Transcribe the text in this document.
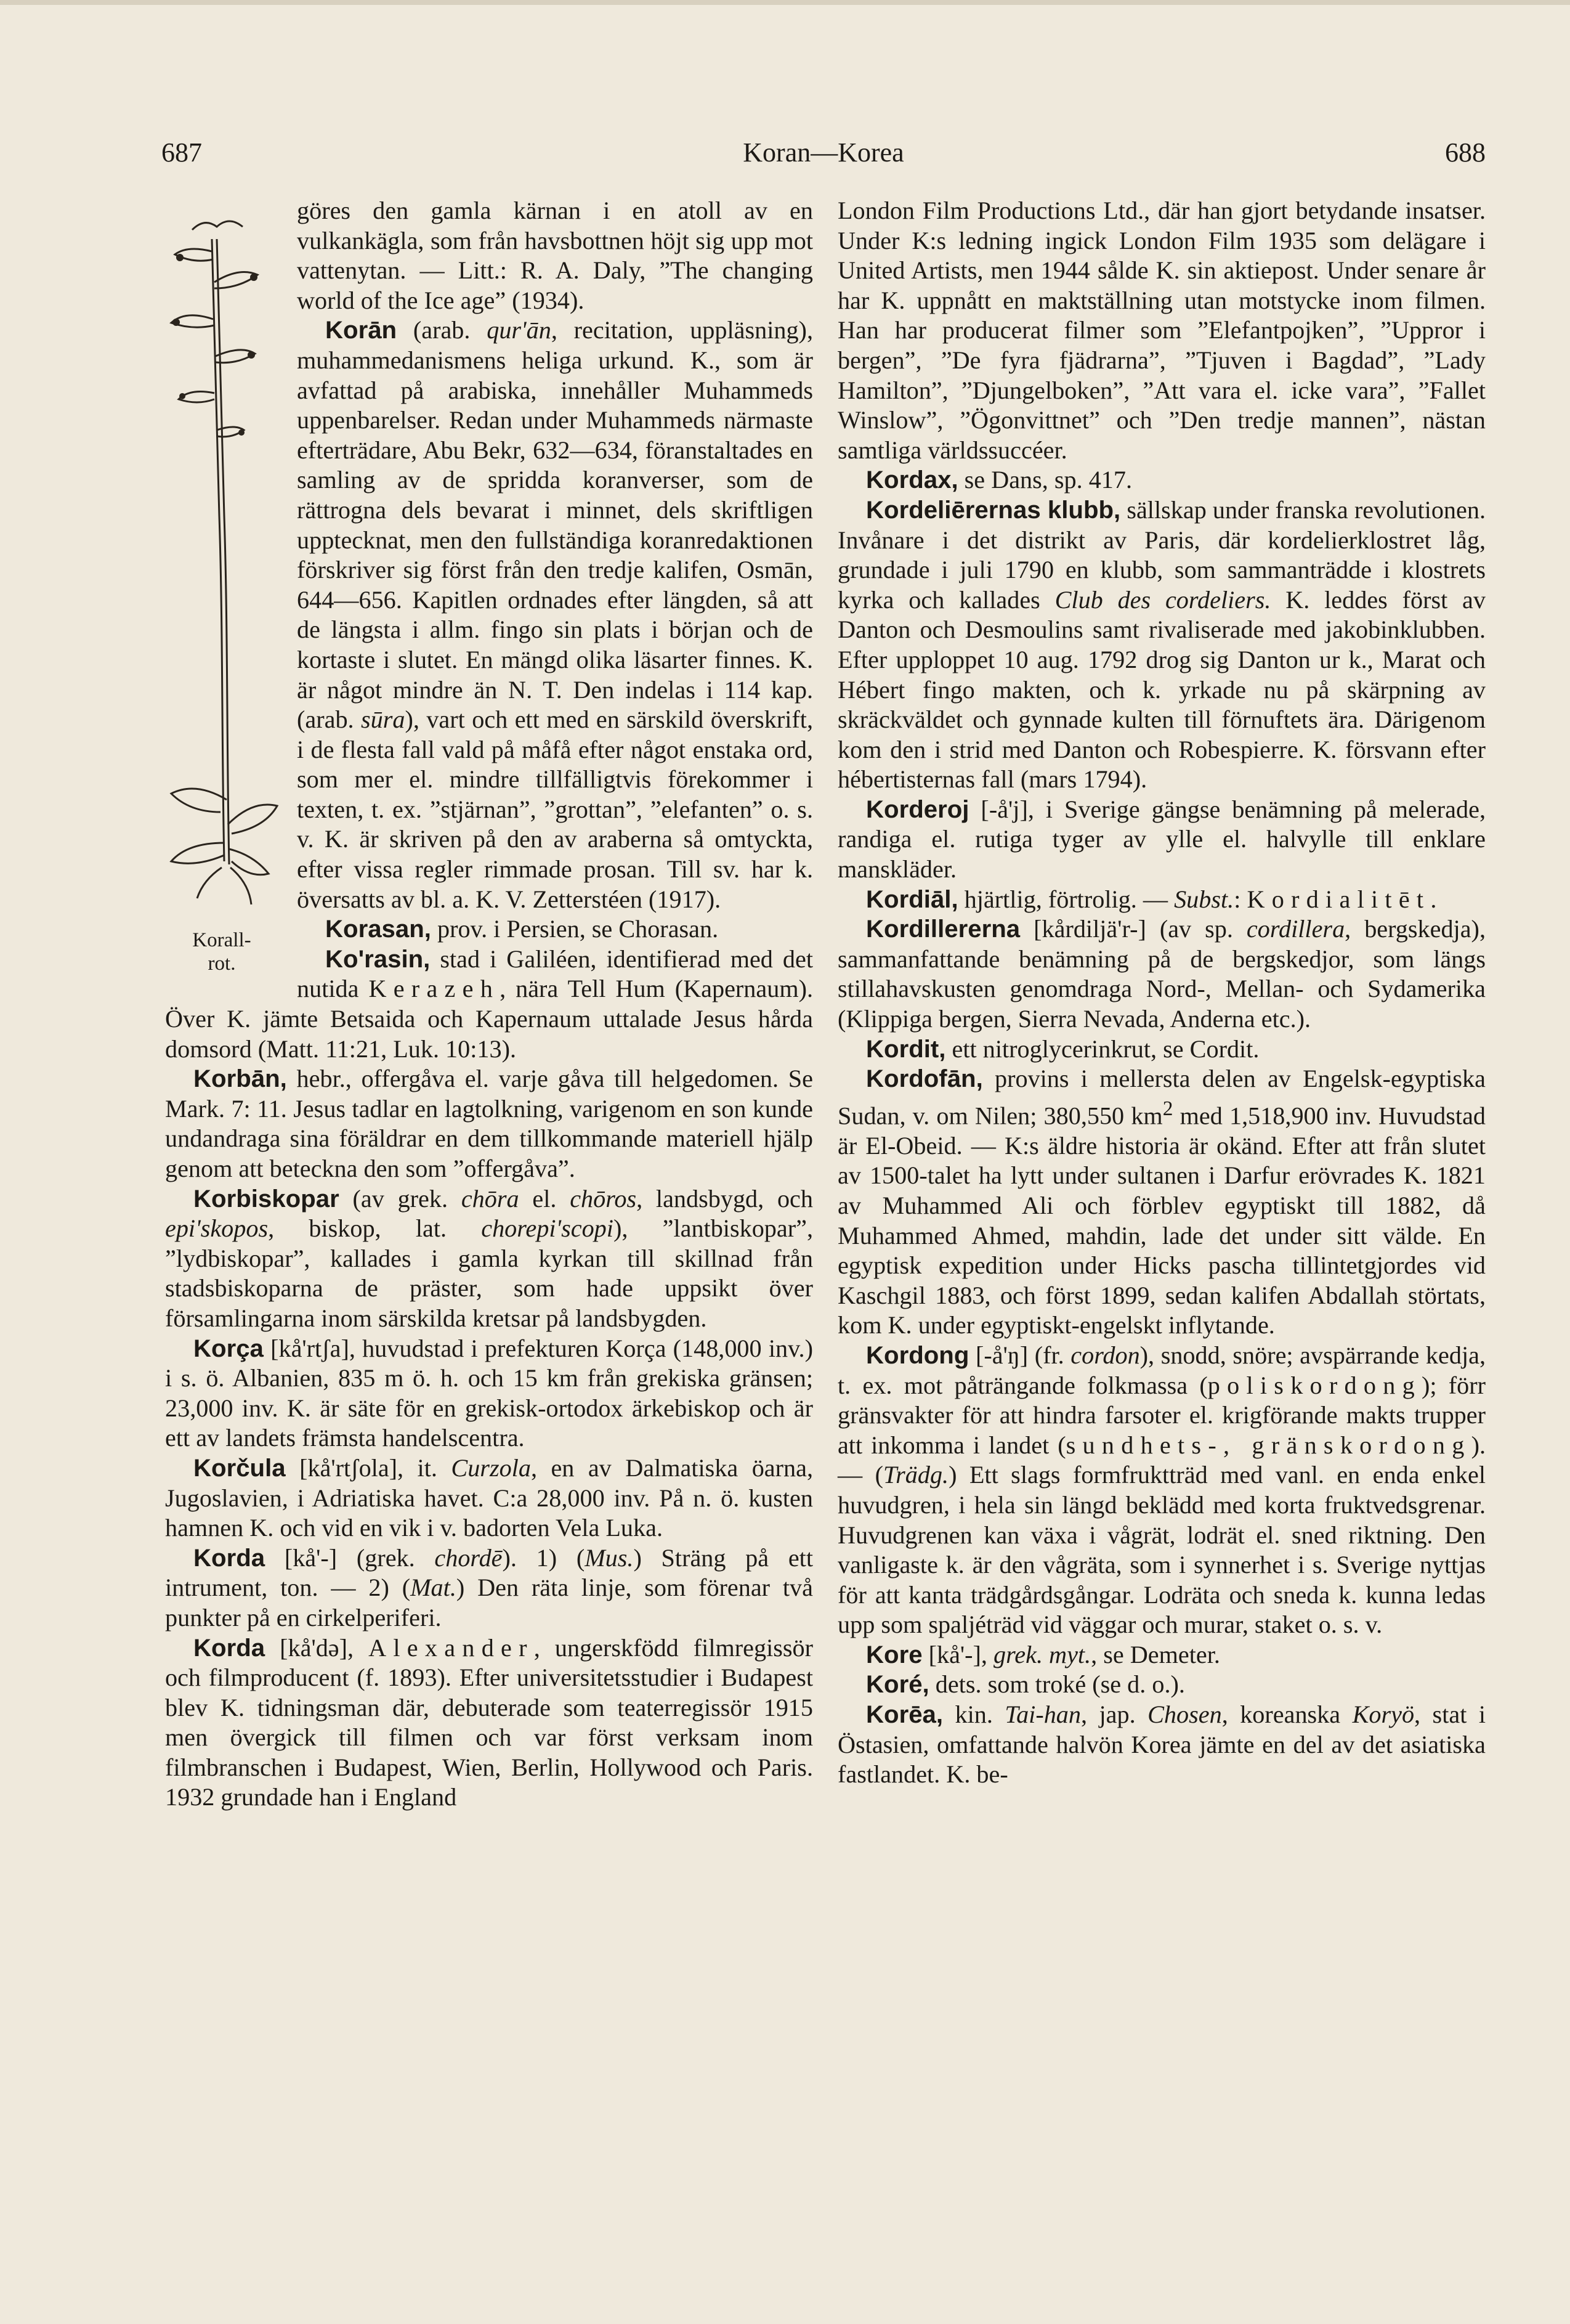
687	Koran—Korea	688
Korall-
rot.

göres den gamla kärnan i en atoll av en vulkankägla, som från havsbottnen höjt sig upp mot vattenytan. — Litt.: R. A. Daly, ”The changing world of the Ice age” (1934).

Korān (arab. qur'ān, recitation, uppläsning), muhammedanismens heliga urkund. K., som är avfattad på arabiska, innehåller Muhammeds uppenbarelser. Redan under Muhammeds närmaste efterträdare, Abu Bekr, 632—634, föranstaltades en samling av de spridda koranverser, som de rättrogna dels bevarat i minnet, dels skriftligen upptecknat, men den fullständiga koranredaktionen förskriver sig först från den tredje kalifen, Osmān, 644—656. Kapitlen ordnades efter längden, så att de längsta i allm. fingo sin plats i början och de kortaste i slutet. En mängd olika läsarter finnes. K. är något mindre än N. T. Den indelas i 114 kap. (arab. sūra), vart och ett med en särskild överskrift, i de flesta fall vald på måfå efter något enstaka ord, som mer el. mindre tillfälligtvis förekommer i texten, t. ex. ”stjärnan”, ”grottan”, ”elefanten” o. s. v. K. är skriven på den av araberna så omtyckta, efter vissa regler rimmade prosan. Till sv. har k. översatts av bl. a. K. V. Zetterstéen (1917).

Korasan, prov. i Persien, se Chorasan.

Ko'rasin, stad i Galiléen, identifierad med det nutida Kerazeh, nära Tell Hum (Kapernaum). Över K. jämte Betsaida och Kapernaum uttalade Jesus hårda domsord (Matt. 11:21, Luk. 10:13).

Korbān, hebr., offergåva el. varje gåva till helgedomen. Se Mark. 7: 11. Jesus tadlar en lagtolkning, varigenom en son kunde undandraga sina föräldrar en dem tillkommande materiell hjälp genom att beteckna den som ”offergåva”.

Korbiskopar (av grek. chōra el. chōros, landsbygd, och epi'skopos, biskop, lat. chorepi'scopi), ”lantbiskopar”, ”lydbiskopar”, kallades i gamla kyrkan till skillnad från stadsbiskoparna de präster, som hade uppsikt över församlingarna inom särskilda kretsar på landsbygden.

Korça [kå'rtʃa], huvudstad i prefekturen Korça (148,000 inv.) i s. ö. Albanien, 835 m ö. h. och 15 km från grekiska gränsen; 23,000 inv. K. är säte för en grekisk-ortodox ärkebiskop och är ett av landets främsta handelscentra.

Korčula [kå'rtʃola], it. Curzola, en av Dalmatiska öarna, Jugoslavien, i Adriatiska havet. C:a 28,000 inv. På n. ö. kusten hamnen K. och vid en vik i v. badorten Vela Luka.

Korda [kå'-] (grek. chordē). 1) (Mus.) Sträng på ett intrument, ton. — 2) (Mat.) Den räta linje, som förenar två punkter på en cirkelperiferi.

Korda [kå'də], Alexander, ungerskfödd filmregissör och filmproducent (f. 1893). Efter universitetsstudier i Budapest blev K. tidningsman där, debuterade som teaterregissör 1915 men övergick till filmen och var först verksam inom filmbranschen i Budapest, Wien, Berlin, Hollywood och Paris. 1932 grundade han i England

London Film Productions Ltd., där han gjort betydande insatser. Under K:s ledning ingick London Film 1935 som delägare i United Artists, men 1944 sålde K. sin aktiepost. Under senare år har K. uppnått en maktställning utan motstycke inom filmen. Han har producerat filmer som ”Elefantpojken”, ”Uppror i bergen”, ”De fyra fjädrarna”, ”Tjuven i Bagdad”, ”Lady Hamilton”, ”Djungelboken”, ”Att vara el. icke vara”, ”Fallet Winslow”, ”Ögonvittnet” och ”Den tredje mannen”, nästan samtliga världssuccéer.

Kordax, se Dans, sp. 417.

Kordeliērernas klubb, sällskap under franska revolutionen. Invånare i det distrikt av Paris, där kordelierklostret låg, grundade i juli 1790 en klubb, som sammanträdde i klostrets kyrka och kallades Club des cordeliers. K. leddes först av Danton och Desmoulins samt rivaliserade med jakobinklubben. Efter upploppet 10 aug. 1792 drog sig Danton ur k., Marat och Hébert fingo makten, och k. yrkade nu på skärpning av skräckväldet och gynnade kulten till förnuftets ära. Därigenom kom den i strid med Danton och Robespierre. K. försvann efter hébertisternas fall (mars 1794).

Korderoj [-å'j], i Sverige gängse benämning på melerade, randiga el. rutiga tyger av ylle el. halvylle till enklare manskläder.

Kordiāl, hjärtlig, förtrolig. — Subst.: Kordialitēt.

Kordillererna [kårdiljä'r-] (av sp. cordillera, bergskedja), sammanfattande benämning på de bergskedjor, som längs stillahavskusten genomdraga Nord-, Mellan- och Sydamerika (Klippiga bergen, Sierra Nevada, Anderna etc.).

Kordit, ett nitroglycerinkrut, se Cordit.

Kordofān, provins i mellersta delen av Engelsk-egyptiska Sudan, v. om Nilen; 380,550 $km^2$ med 1,518,900 inv. Huvudstad är El-Obeid. — K:s äldre historia är okänd. Efter att från slutet av 1500-talet ha lytt under sultanen i Darfur erövrades K. 1821 av Muhammed Ali och förblev egyptiskt till 1882, då Muhammed Ahmed, mahdin, lade det under sitt välde. En egyptisk expedition under Hicks pascha tillintetgjordes vid Kaschgil 1883, och först 1899, sedan kalifen Abdallah störtats, kom K. under egyptiskt-engelskt inflytande.

Kordong [-å'ŋ] (fr. cordon), snodd, snöre; avspärrande kedja, t. ex. mot påträngande folkmassa (poliskordong); förr gränsvakter för att hindra farsoter el. krigförande makts trupper att inkomma i landet (sundhets-, gränskordong). — (Trädg.) Ett slags formfruktträd med vanl. en enda enkel huvudgren, i hela sin längd beklädd med korta fruktvedsgrenar. Huvudgrenen kan växa i vågrät, lodrät el. sned riktning. Den vanligaste k. är den vågräta, som i synnerhet i s. Sverige nyttjas för att kanta trädgårdsgångar. Lodräta och sneda k. kunna ledas upp som spaljéträd vid väggar och murar, staket o. s. v.

Kore [kå'-], grek. myt., se Demeter.

Koré, dets. som troké (se d. o.).

Korēa, kin. Tai-han, jap. Chosen, koreanska Koryö, stat i Östasien, omfattande halvön Korea jämte en del av det asiatiska fastlandet. K. be-
